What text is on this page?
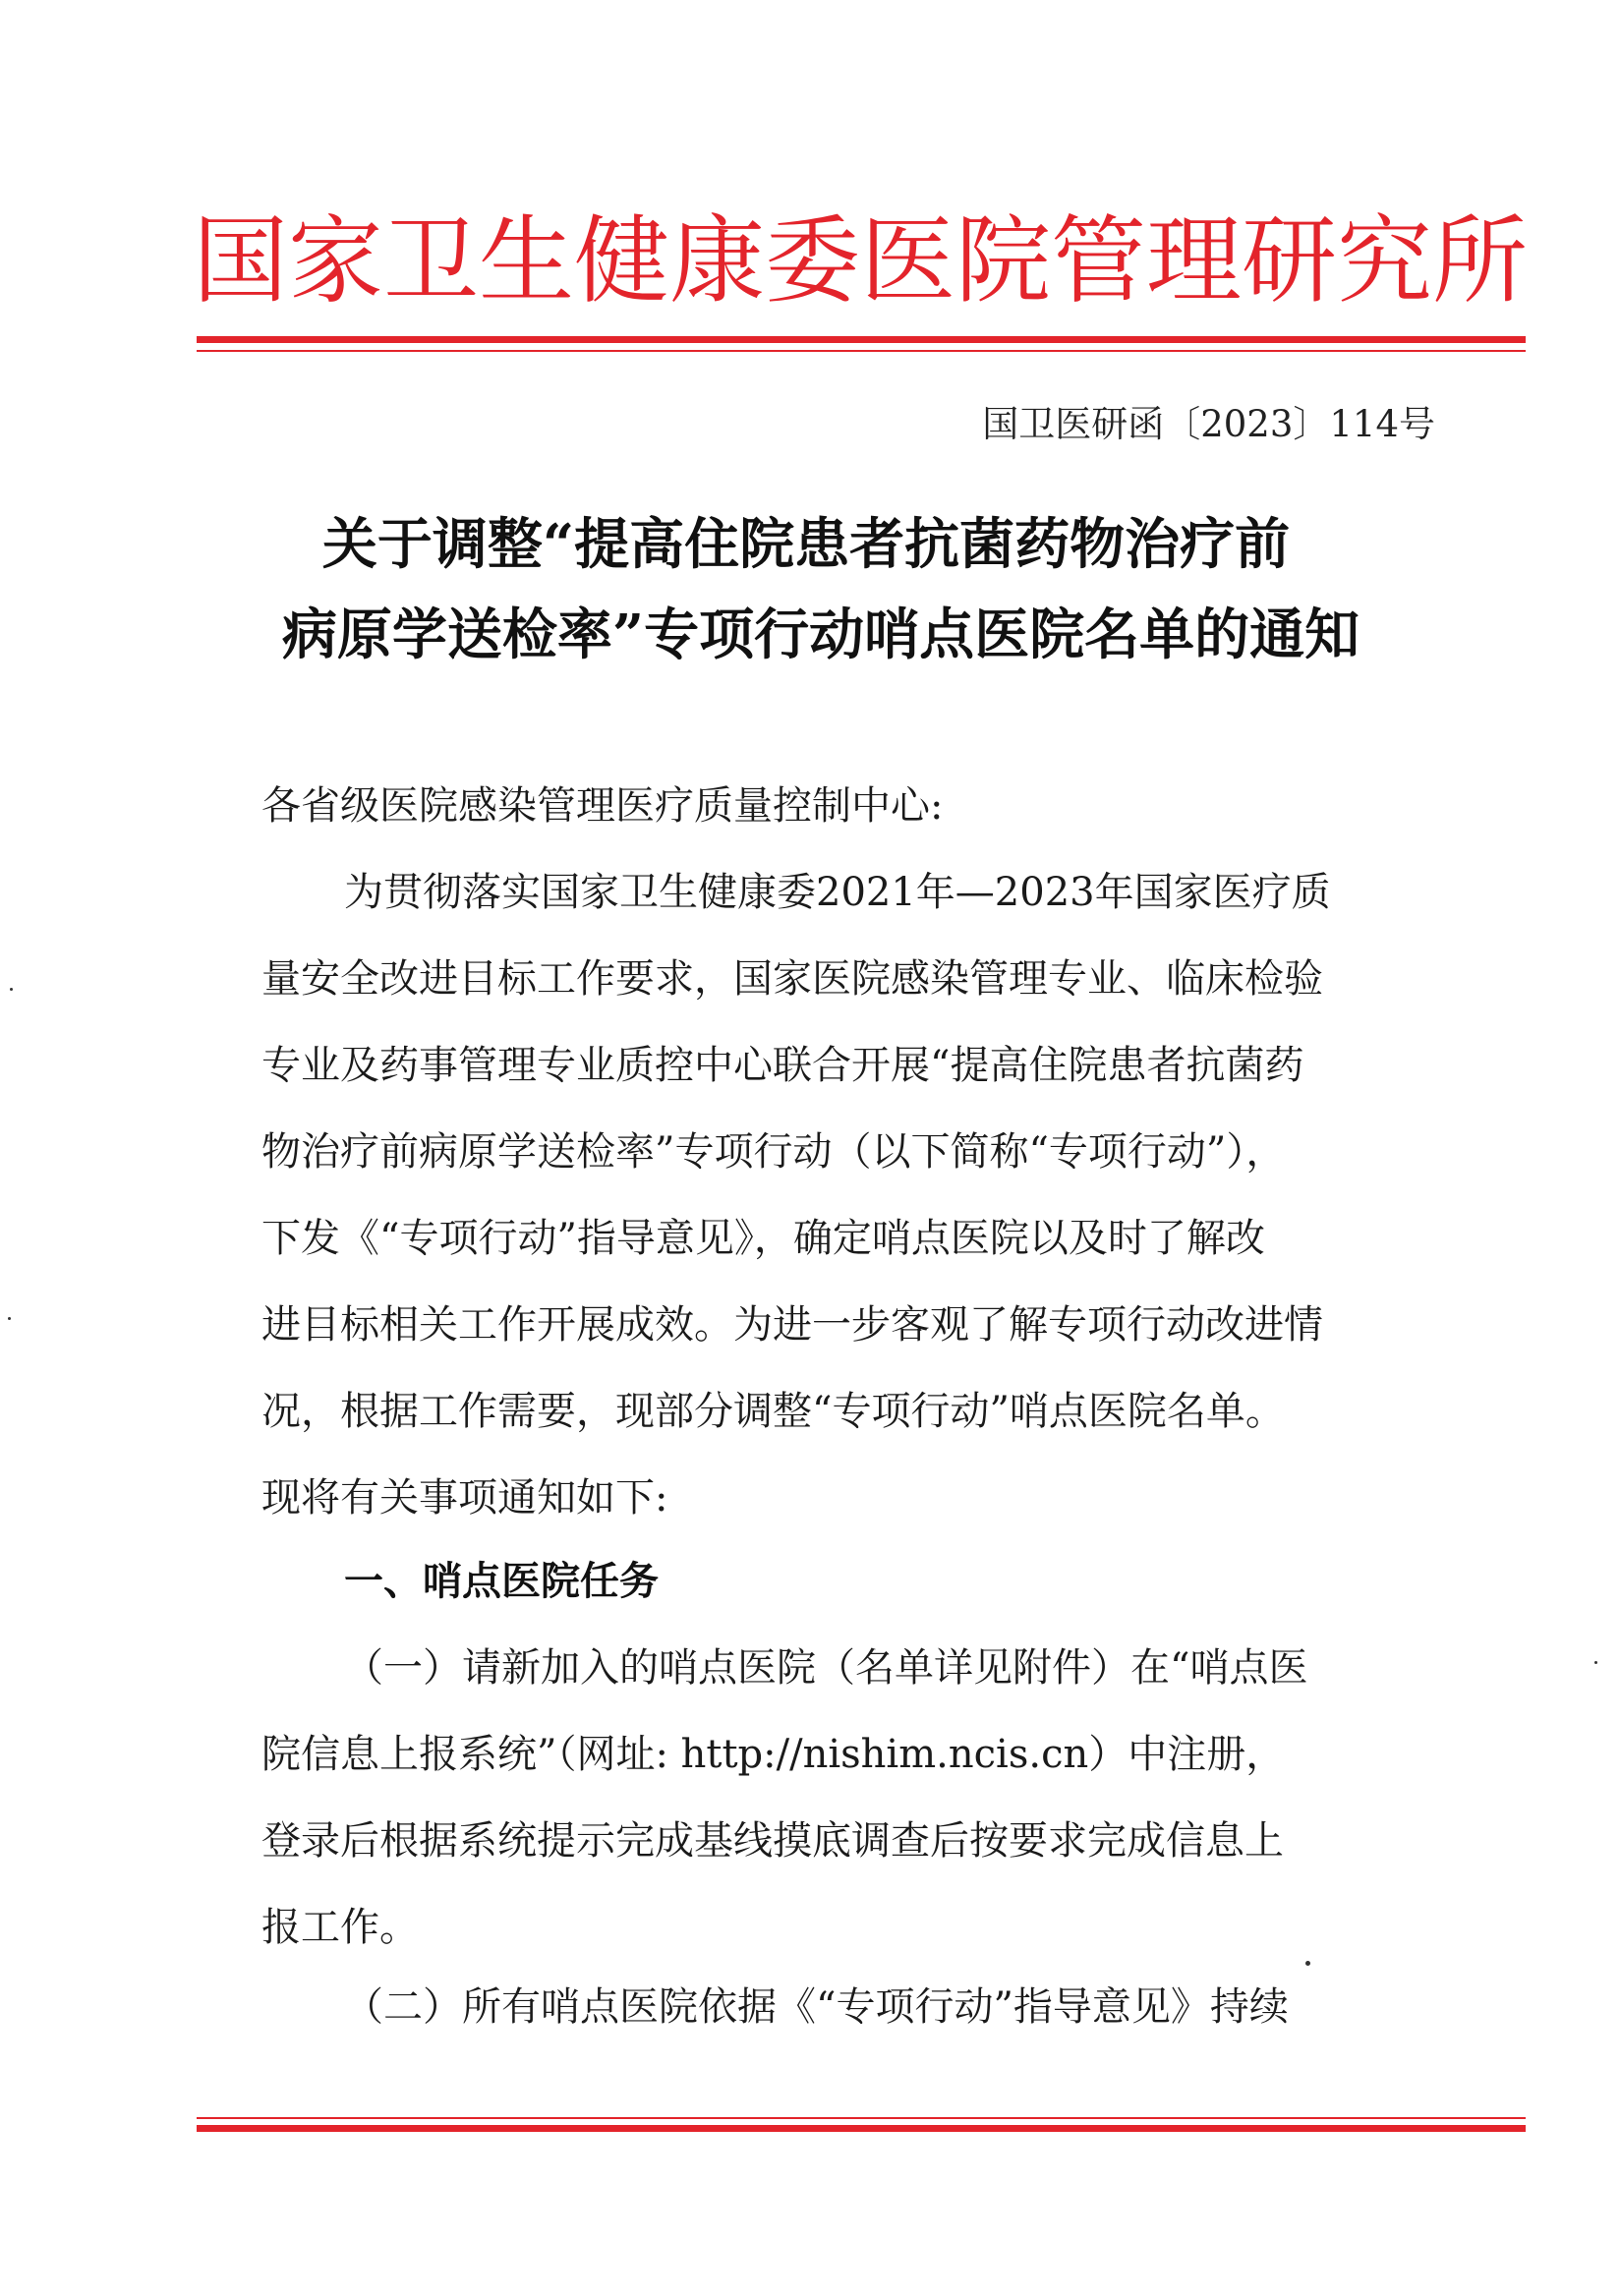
国家卫生健康委医院管理研究所
国卫医研函〔2023〕114号
关于调整“提高住院患者抗菌药物治疗前
病原学送检率”专项行动哨点医院名单的通知
各省级医院感染管理医疗质量控制中心:
为贯彻落实国家卫生健康委2021年—2023年国家医疗质
量安全改进目标工作要求，国家医院感染管理专业、临床检验
专业及药事管理专业质控中心联合开展“提高住院患者抗菌药
物治疗前病原学送检率”专项行动（以下简称“专项行动”），
下发《“专项行动”指导意见》，确定哨点医院以及时了解改
进目标相关工作开展成效。为进一步客观了解专项行动改进情
况，根据工作需要，现部分调整“专项行动”哨点医院名单。
现将有关事项通知如下:
一、哨点医院任务
（一）请新加入的哨点医院（名单详见附件）在“哨点医
院信息上报系统”（网址: http://nishim.ncis.cn）中注册，
登录后根据系统提示完成基线摸底调查后按要求完成信息上
报工作。
（二）所有哨点医院依据《“专项行动”指导意见》持续
